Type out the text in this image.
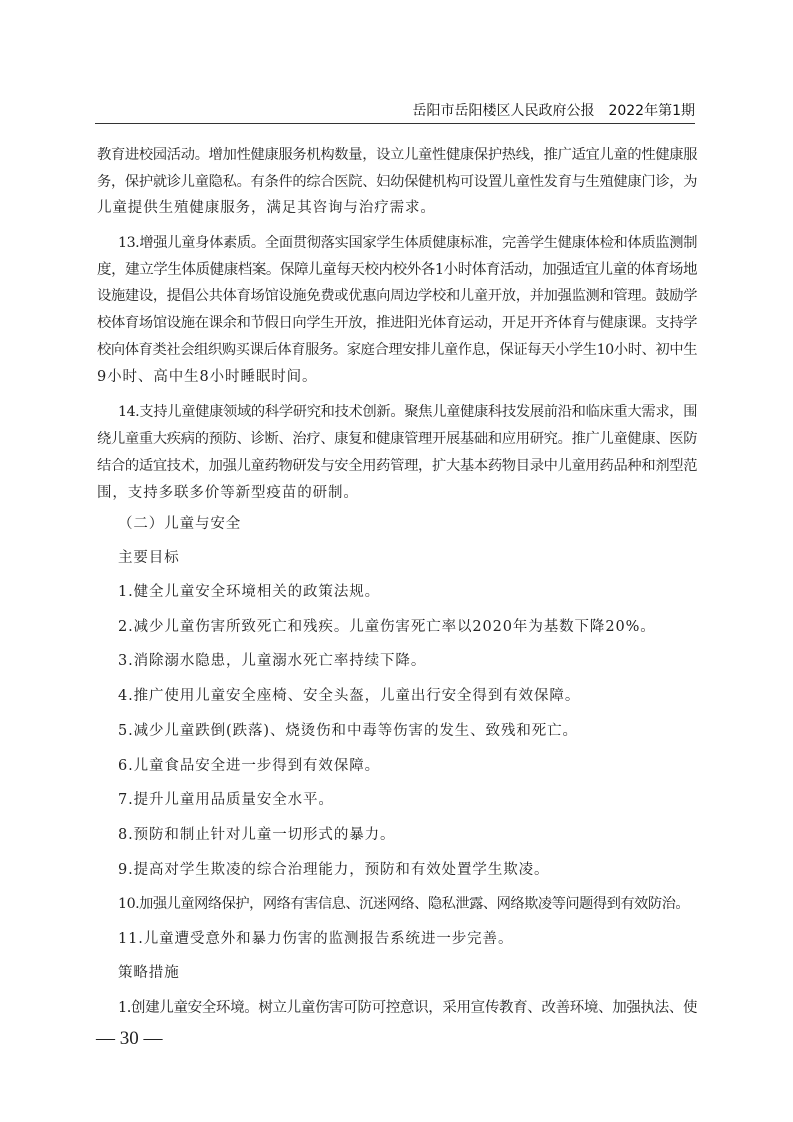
岳阳市岳阳楼区人民政府公报　2022年第1期
教育进校园活动。增加性健康服务机构数量，设立儿童性健康保护热线，推广适宜儿童的性健康服
务，保护就诊儿童隐私。有条件的综合医院、妇幼保健机构可设置儿童性发育与生殖健康门诊，为
儿童提供生殖健康服务，满足其咨询与治疗需求。
13.增强儿童身体素质。全面贯彻落实国家学生体质健康标准，完善学生健康体检和体质监测制
度，建立学生体质健康档案。保障儿童每天校内校外各1小时体育活动，加强适宜儿童的体育场地
设施建设，提倡公共体育场馆设施免费或优惠向周边学校和儿童开放，并加强监测和管理。鼓励学
校体育场馆设施在课余和节假日向学生开放，推进阳光体育运动，开足开齐体育与健康课。支持学
校向体育类社会组织购买课后体育服务。家庭合理安排儿童作息，保证每天小学生10小时、初中生
9小时、高中生8小时睡眠时间。
14.支持儿童健康领域的科学研究和技术创新。聚焦儿童健康科技发展前沿和临床重大需求，围
绕儿童重大疾病的预防、诊断、治疗、康复和健康管理开展基础和应用研究。推广儿童健康、医防
结合的适宜技术，加强儿童药物研发与安全用药管理，扩大基本药物目录中儿童用药品种和剂型范
围，支持多联多价等新型疫苗的研制。
（二）儿童与安全
主要目标
1.健全儿童安全环境相关的政策法规。
2.减少儿童伤害所致死亡和残疾。儿童伤害死亡率以2020年为基数下降20%。
3.消除溺水隐患，儿童溺水死亡率持续下降。
4.推广使用儿童安全座椅、安全头盔，儿童出行安全得到有效保障。
5.减少儿童跌倒(跌落)、烧烫伤和中毒等伤害的发生、致残和死亡。
6.儿童食品安全进一步得到有效保障。
7.提升儿童用品质量安全水平。
8.预防和制止针对儿童一切形式的暴力。
9.提高对学生欺凌的综合治理能力，预防和有效处置学生欺凌。
10.加强儿童网络保护，网络有害信息、沉迷网络、隐私泄露、网络欺凌等问题得到有效防治。
11.儿童遭受意外和暴力伤害的监测报告系统进一步完善。
策略措施
1.创建儿童安全环境。树立儿童伤害可防可控意识，采用宣传教育、改善环境、加强执法、使
— 30 —
